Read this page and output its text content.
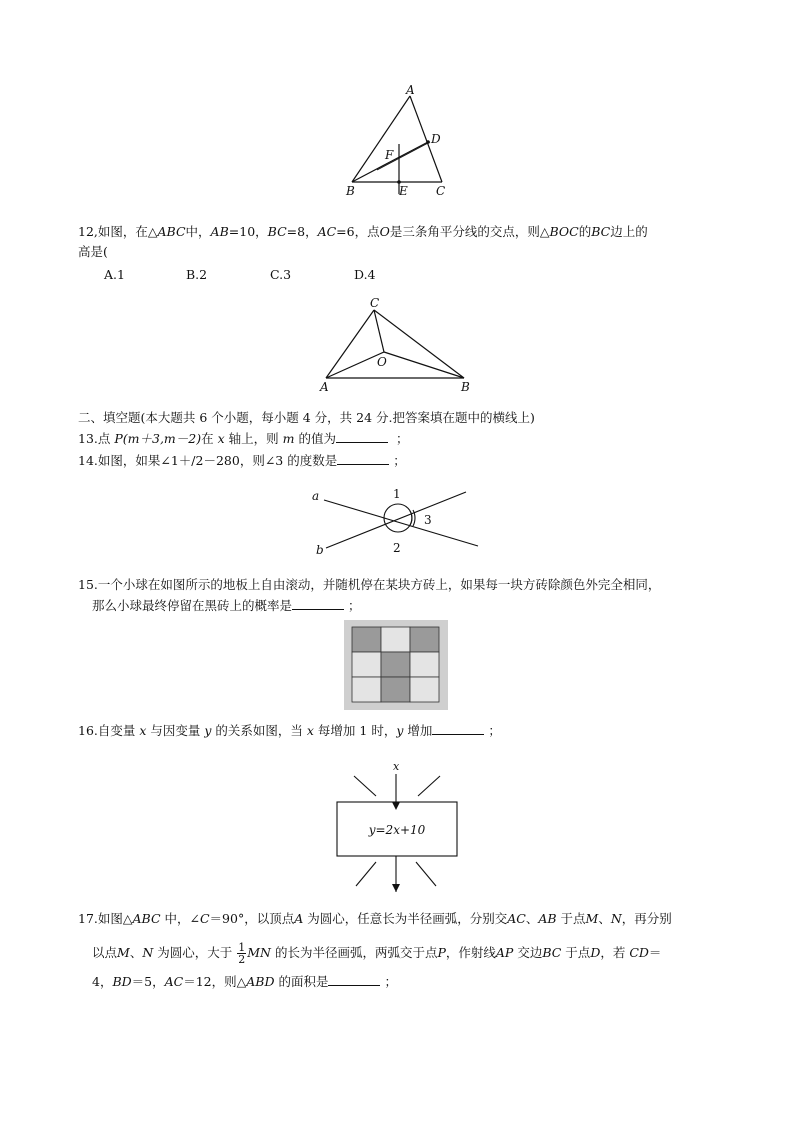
A
D
F
B	E C
12,如图，在△ABC中，AB=10，BC=8，AC=6，点O是三条角平分线的交点，则△BOC的BC边上的
高是(
A.1	B.2	C.3	D.4
C
O
A	B
二、填空题(本大题共 6 个小题，每小题 4 分，共 24 分.把答案填在题中的横线上)
13.点 P(m＋3,m－2)在 x 轴上，则 m 的值为	；
14.如图，如果∠1＋/2－280，则∠3 的度数是	；
a
b
1
2
3
15.一个小球在如图所示的地板上自由滚动，并随机停在某块方砖上，如果每一块方砖除颜色外完全相同，
那么小球最终停留在黑砖上的概率是	；
16.自变量 x 与因变量 y 的关系如图，当 x 每增加 1 时，y 增加	；
x
y=2x+10
17.如图△ABC 中，∠C＝90°，以顶点A 为圆心，任意长为半径画弧，分别交AC、AB 于点M、N，再分别
以点M、N 为圆心，大于 $\frac{1}{2}$ MN 的长为半径画弧，两弧交于点P，作射线AP 交边BC 于点D，若 CD＝
4，BD＝5，AC＝12，则△ABD 的面积是	；
